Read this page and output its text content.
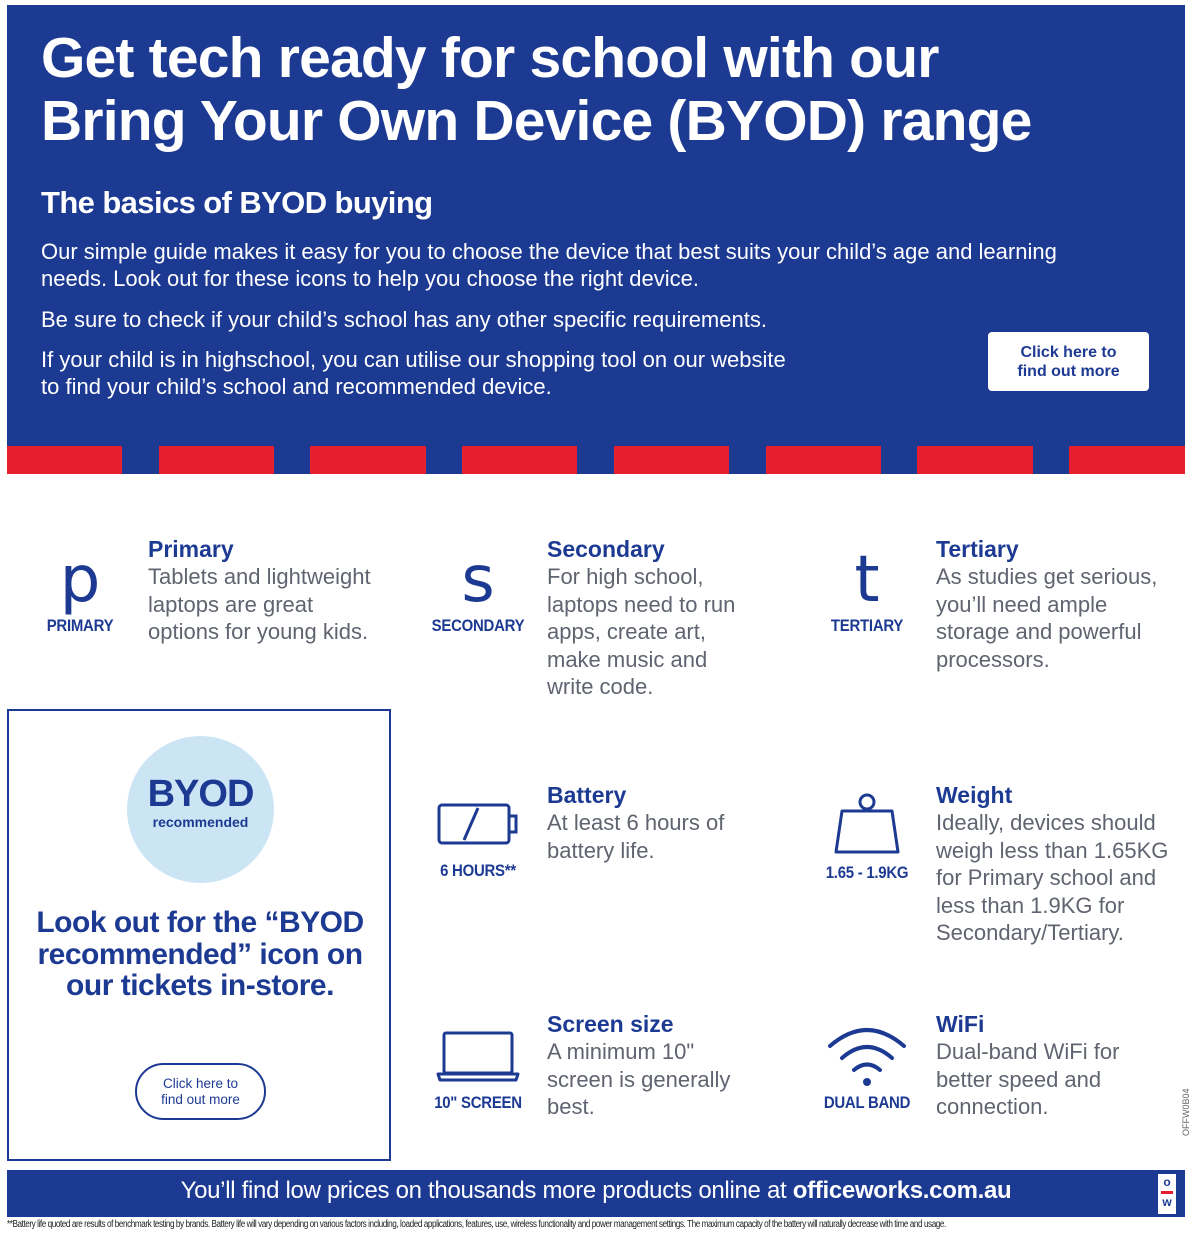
Get tech ready for school with our
Bring Your Own Device (BYOD) range
The basics of BYOD buying

Our simple guide makes it easy for you to choose the device that best suits your child’s age and learning needs. Look out for these icons to help you choose the right device.

Be sure to check if your child’s school has any other specific requirements.

If your child is in highschool, you can utilise our shopping tool on our website to find your child’s school and recommended device.

Click here to
find out more
p
PRIMARY
Primary

Tablets and lightweight laptops are great options for young kids.

s
SECONDARY
Secondary

For high school, laptops need to run apps, create art, make music and write code.

t
TERTIARY
Tertiary

As studies get serious, you’ll need ample storage and powerful processors.

BYOD
recommended
Look out for the “BYOD recommended” icon on our tickets in-store.
Click here to
find out more
6 HOURS**
Battery

At least 6 hours of battery life.

1.65 - 1.9KG
Weight

Ideally, devices should weigh less than 1.65KG for Primary school and less than 1.9KG for Secondary/Tertiary.

10" SCREEN
Screen size

A minimum 10" screen is generally best.	DUAL BAND
WiFi

Dual-band WiFi for better speed and connection.	OFFW0B04
You’ll find low prices on thousands more products online at officeworks.com.au	o
w
**Battery life quoted are results of benchmark testing by brands. Battery life will vary depending on various factors including, loaded applications, features, use, wireless functionality and power management settings. The maximum capacity of the battery will naturally decrease with time and usage.
